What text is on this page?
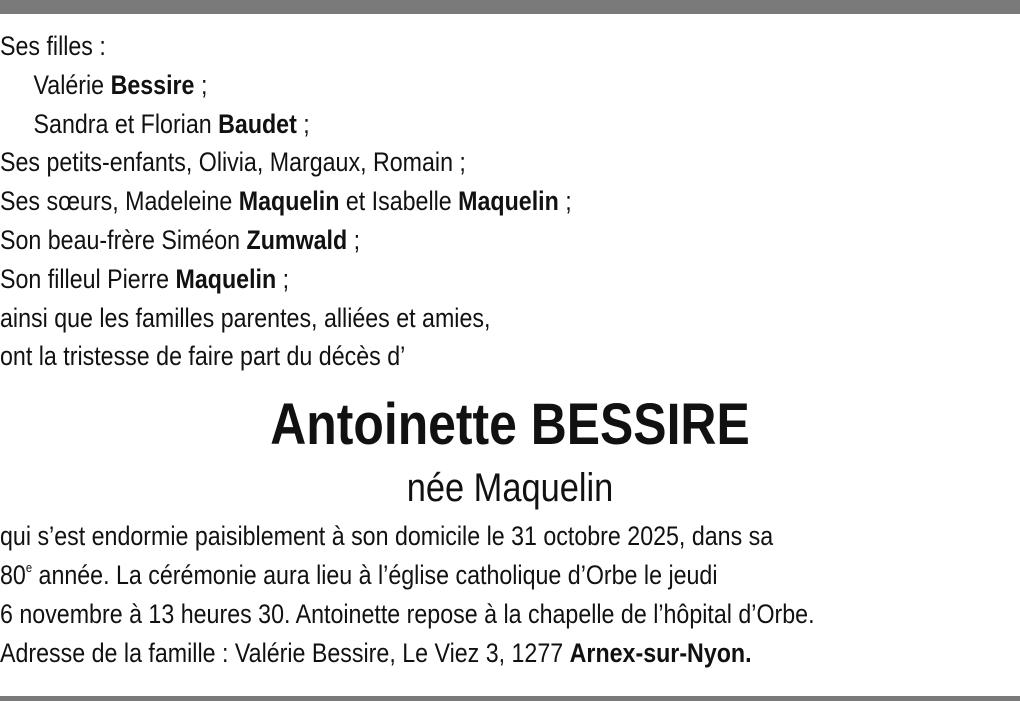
Ses filles :
Valérie Bessire ;
Sandra et Florian Baudet ;
Ses petits-enfants, Olivia, Margaux, Romain ;
Ses sœurs, Madeleine Maquelin et Isabelle Maquelin ;
Son beau-frère Siméon Zumwald ;
Son filleul Pierre Maquelin ;
ainsi que les familles parentes, alliées et amies,
ont la tristesse de faire part du décès d’
Antoinette BESSIRE
née Maquelin
qui s’est endormie paisiblement à son domicile le 31 octobre 2025, dans sa
80e année. La cérémonie aura lieu à l’église catholique d’Orbe le jeudi
6 novembre à 13 heures 30. Antoinette repose à la chapelle de l’hôpital d’Orbe.
Adresse de la famille : Valérie Bessire, Le Viez 3, 1277 Arnex-sur-Nyon.
